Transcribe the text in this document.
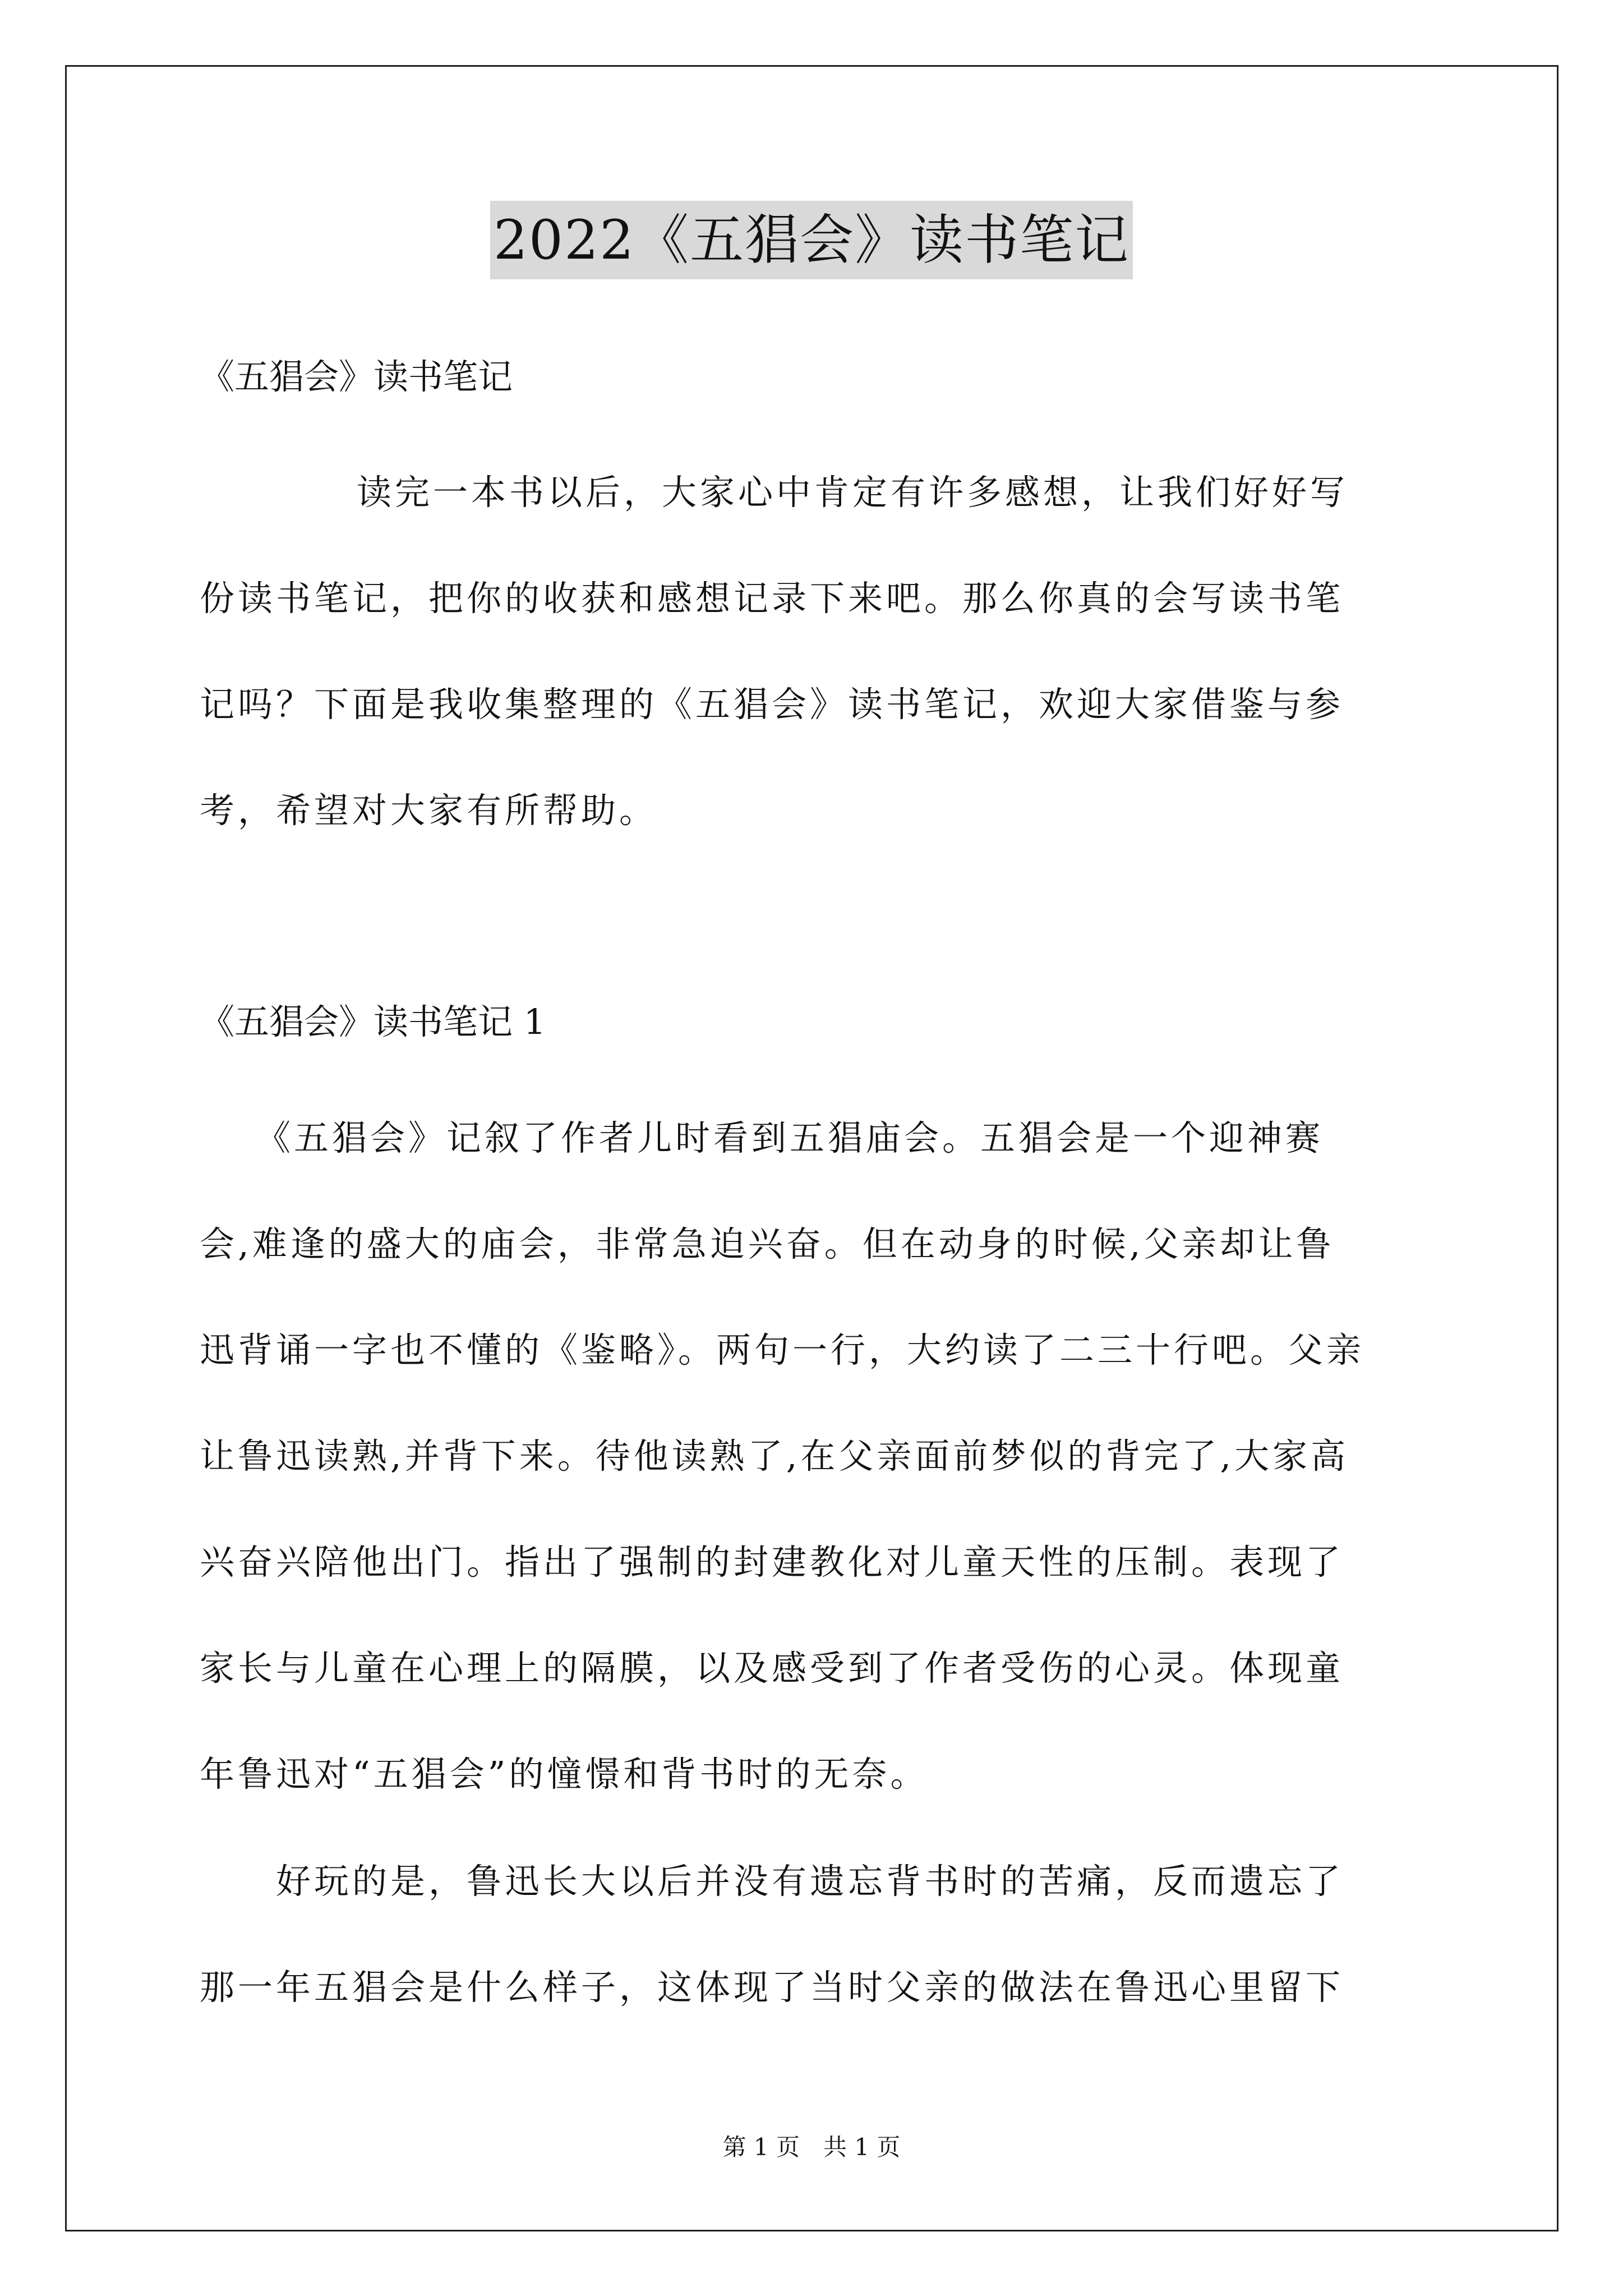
2022《五猖会》读书笔记
《五猖会》读书笔记
读完一本书以后，大家心中肯定有许多感想，让我们好好写
份读书笔记，把你的收获和感想记录下来吧。那么你真的会写读书笔
记吗？下面是我收集整理的《五猖会》读书笔记，欢迎大家借鉴与参
考，希望对大家有所帮助。
《五猖会》读书笔记 1
《五猖会》记叙了作者儿时看到五猖庙会。五猖会是一个迎神赛
会,难逢的盛大的庙会，非常急迫兴奋。但在动身的时候,父亲却让鲁
迅背诵一字也不懂的《鉴略》。两句一行，大约读了二三十行吧。父亲
让鲁迅读熟,并背下来。待他读熟了,在父亲面前梦似的背完了,大家高
兴奋兴陪他出门。指出了强制的封建教化对儿童天性的压制。表现了
家长与儿童在心理上的隔膜，以及感受到了作者受伤的心灵。体现童
年鲁迅对“五猖会”的憧憬和背书时的无奈。
好玩的是，鲁迅长大以后并没有遗忘背书时的苦痛，反而遗忘了
那一年五猖会是什么样子，这体现了当时父亲的做法在鲁迅心里留下
第 1 页　共 1 页
